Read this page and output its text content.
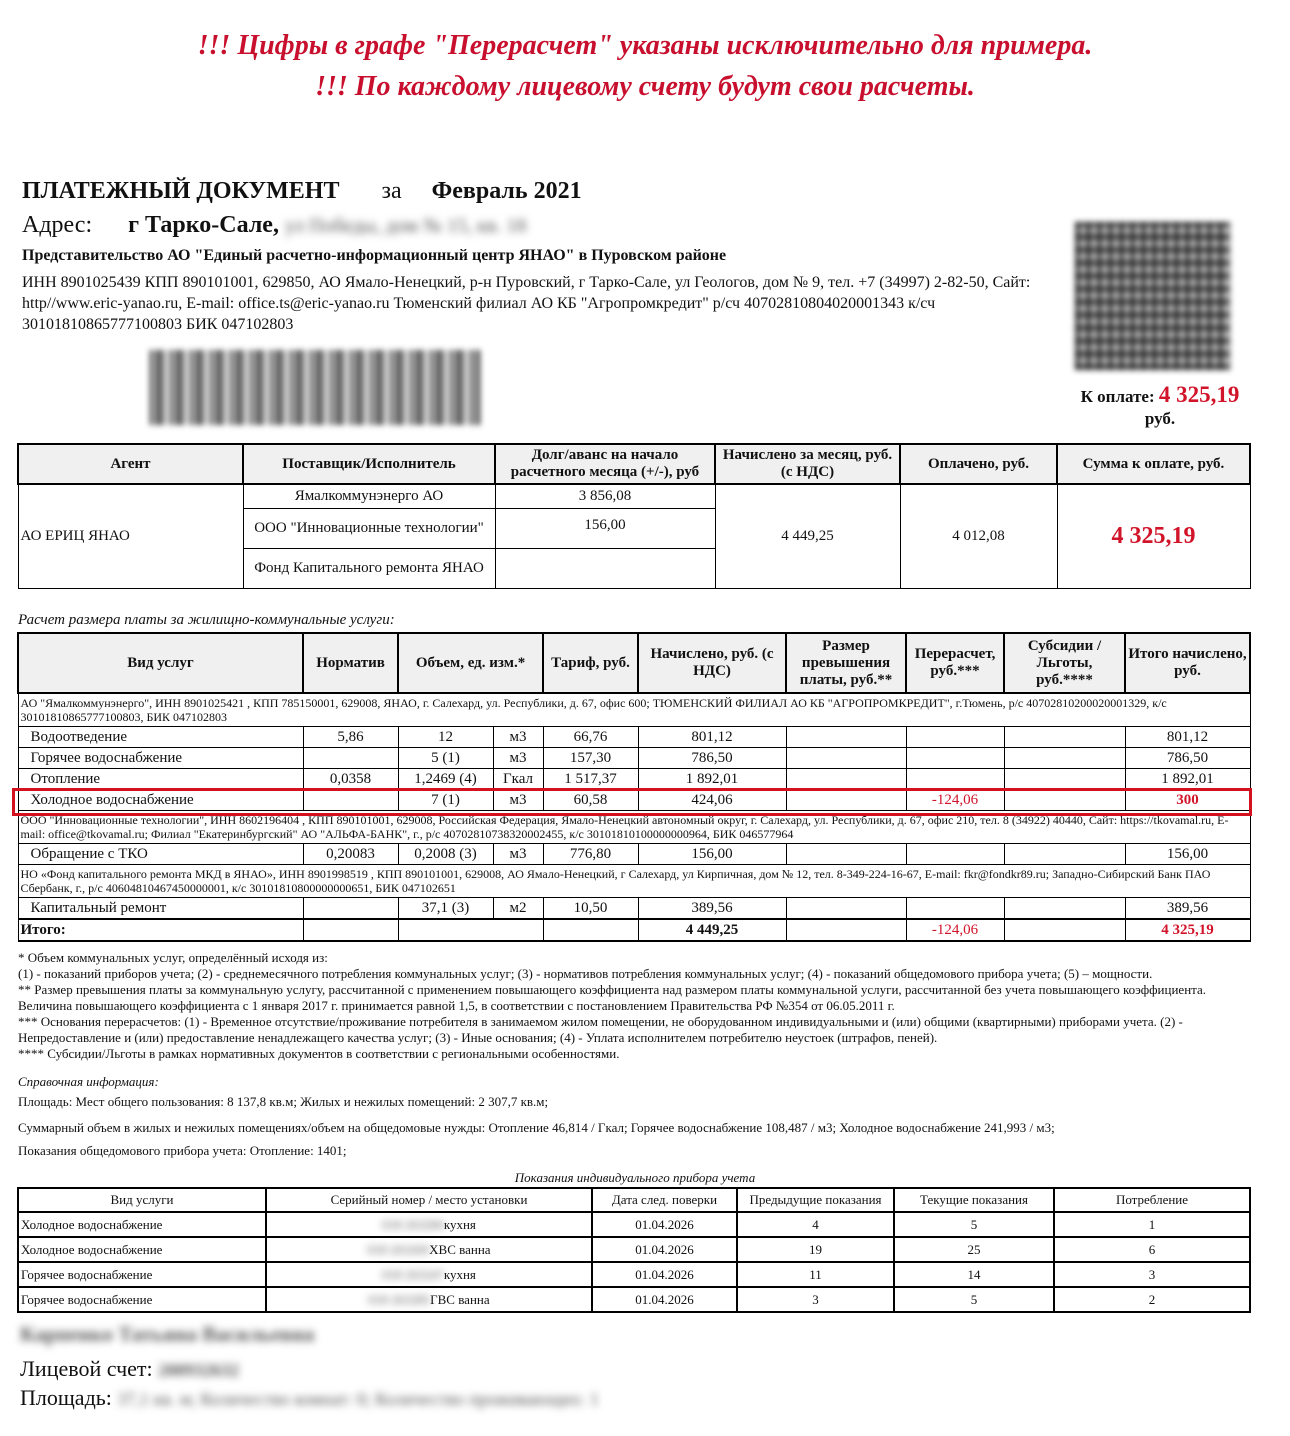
!!! Цифры в графе "Перерасчет" указаны исключительно для примера.
!!! По каждому лицевому счету будут свои расчеты.
ПЛАТЕЖНЫЙ ДОКУМЕНТ за Февраль 2021
Адрес: г Тарко-Сале, ул Победы, дом № 15, кв. 18
Представительство АО "Единый расчетно-информационный центр ЯНАО" в Пуровском районе
ИНН 8901025439 КПП 890101001, 629850, АО Ямало-Ненецкий, р-н Пуровский, г Тарко-Сале, ул Геологов, дом № 9, тел. +7 (34997) 2-82-50, Сайт: http//www.eric-yanao.ru, E-mail: office.ts@eric-yanao.ru Тюменский филиал АО КБ "Агропромкредит" р/сч 40702810804020001343 к/сч 30101810865777100803 БИК 047102803
К оплате: 4 325,19
руб.
Агент	Поставщик/Исполнитель	Долг/аванс на начало расчетного месяца (+/-), руб	Начислено за месяц, руб. (с НДС)	Оплачено, руб.	Сумма к оплате, руб.
АО ЕРИЦ ЯНАО	Ямалкоммунэнерго АО	3 856,08	4 449,25	4 012,08	4 325,19
	ООО "Инновационные технологии"	156,00			
	Фонд Капитального ремонта ЯНАО				
Расчет размера платы за жилищно-коммунальные услуги:
Вид услуг	Норматив	Объем, ед. изм.*		Тариф, руб.	Начислено, руб. (с НДС)	Размер превышения платы, руб.**	Перерасчет, руб.***	Субсидии /Льготы, руб.****	Итого начислено, руб.
АО "Ямалкоммунэнерго", ИНН 8901025421 , КПП 785150001, 629008, ЯНАО, г. Салехард, ул. Республики, д. 67, офис 600; ТЮМЕНСКИЙ ФИЛИАЛ АО КБ "АГРОПРОМКРЕДИТ", г.Тюмень, р/с 40702810200020001329, к/с 30101810865777100803, БИК 047102803									
Водоотведение	5,86	12	м3	66,76	801,12				801,12
Горячее водоснабжение		5 (1)	м3	157,30	786,50				786,50
Отопление	0,0358	1,2469 (4)	Гкал	1 517,37	1 892,01				1 892,01
Холодное водоснабжение		7 (1)	м3	60,58	424,06		-124,06		300
ООО "Инновационные технологии", ИНН 8602196404 , КПП 890101001, 629008, Российская Федерация, Ямало-Ненецкий автономный округ, г. Салехард, ул. Республики, д. 67, офис 210, тел. 8 (34922) 40440, Сайт: https://tkovamal.ru, E-mail: office@tkovamal.ru; Филиал "Екатеринбургский" АО "АЛЬФА-БАНК", г., р/с 40702810738320002455, к/с 30101810100000000964, БИК 046577964									
Обращение с ТКО	0,20083	0,2008 (3)	м3	776,80	156,00				156,00
НО «Фонд капитального ремонта МКД в ЯНАО», ИНН 8901998519 , КПП 890101001, 629008, АО Ямало-Ненецкий, г Салехард, ул Кирпичная, дом № 12, тел. 8-349-224-16-67, E-mail: fkr@fondkr89.ru; Западно-Сибирский Банк ПАО Сбербанк, г., р/с 40604810467450000001, к/с 30101810800000000651, БИК 047102651									
Капитальный ремонт		37,1 (3)	м2	10,50	389,56				389,56
Итого:					4 449,25		-124,06		4 325,19

* Объем коммунальных услуг, определённый исходя из:

(1) - показаний приборов учета; (2) - среднемесячного потребления коммунальных услуг; (3) - нормативов потребления коммунальных услуг; (4) - показаний общедомового прибора учета; (5) – мощности.

** Размер превышения платы за коммунальную услугу, рассчитанной с применением повышающего коэффициента над размером платы коммунальной услуги, рассчитанной без учета повышающего коэффициента. Величина повышающего коэффициента с 1 января 2017 г. принимается равной 1,5, в соответствии с постановлением Правительства РФ №354 от 06.05.2011 г.

*** Основания перерасчетов: (1) - Временное отсутствие/проживание потребителя в занимаемом жилом помещении, не оборудованном индивидуальными и (или) общими (квартирными) приборами учета. (2) - Непредоставление и (или) предоставление ненадлежащего качества услуг; (3) - Иные основания; (4) - Уплата исполнителем потребителю неустоек (штрафов, пеней).

**** Субсидии/Льготы в рамках нормативных документов в соответствии с региональными особенностями.

Справочная информация:
Площадь: Мест общего пользования: 8 137,8 кв.м; Жилых и нежилых помещений: 2 307,7 кв.м;
Суммарный объем в жилых и нежилых помещениях/объем на общедомовые нужды: Отопление 46,814 / Гкал; Горячее водоснабжение 108,487 / м3; Холодное водоснабжение 241,993 / м3;
Показания общедомового прибора учета: Отопление: 1401;
Показания индивидуального прибора учета
Вид услуги	Серийный номер / место установки	Дата след. поверки	Предыдущие показания	Текущие показания	Потребление
Холодное водоснабжение	018 263284кухня	01.04.2026	4	5	1
Холодное водоснабжение	018 263269ХВС ванна	01.04.2026	19	25	6
Горячее водоснабжение	018 263247кухня	01.04.2026	11	14	3
Горячее водоснабжение	018 263285ГВС ванна	01.04.2026	3	5	2
Карпенко Татьяна Васильевна
Лицевой счет: 200932632
Площадь: 37,1 кв. м; Количество комнат: 0; Количество проживающих: 1
